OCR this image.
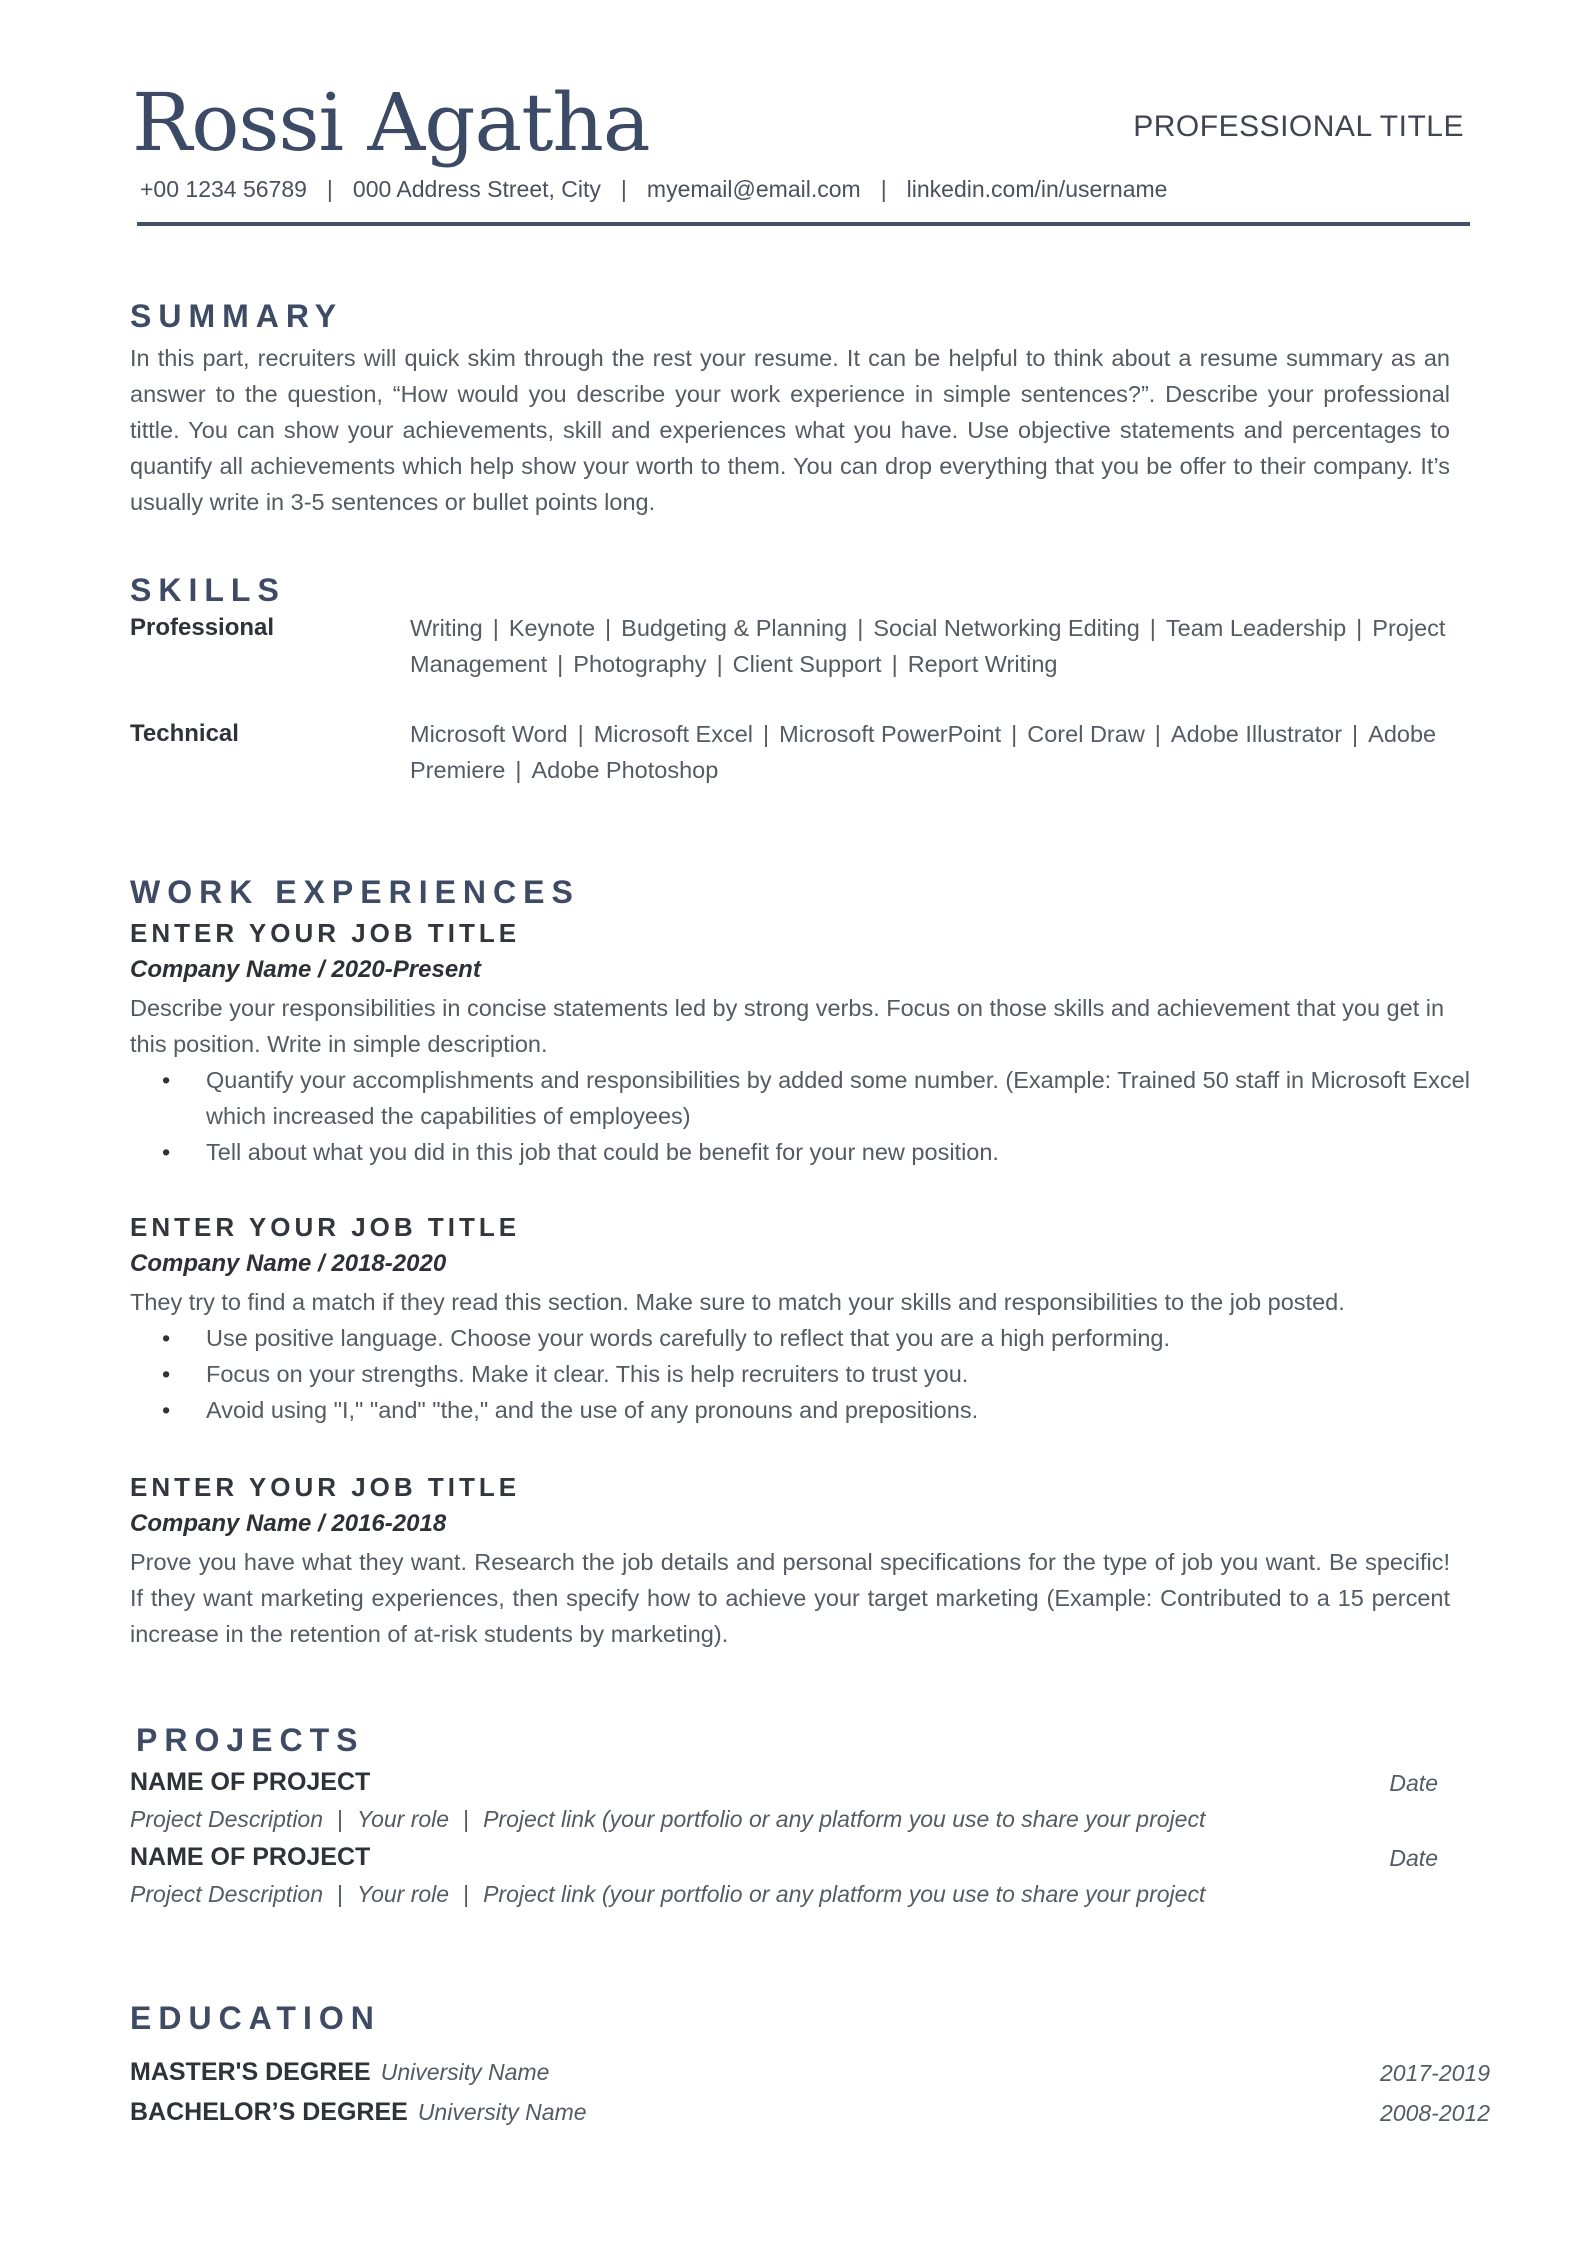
Rossi Agatha	PROFESSIONAL TITLE
+00 1234 56789 | 000 Address Street, City | myemail@email.com | linkedin.com/in/username
SUMMARY
In this part, recruiters will quick skim through the rest your resume. It can be helpful to think about a resume summary as an answer to the question, “How would you describe your work experience in simple sentences?”. Describe your professional tittle. You can show your achievements, skill and experiences what you have. Use objective statements and percentages to quantify all achievements which help show your worth to them. You can drop everything that you be offer to their company. It’s usually write in 3-5 sentences or bullet points long.
SKILLS
Professional	Writing | Keynote | Budgeting & Planning | Social Networking Editing | Team Leadership | Project Management | Photography | Client Support | Report Writing
Technical	Microsoft Word | Microsoft Excel | Microsoft PowerPoint | Corel Draw | Adobe Illustrator | Adobe Premiere | Adobe Photoshop
WORK EXPERIENCES
ENTER YOUR JOB TITLE
Company Name / 2020-Present
Describe your responsibilities in concise statements led by strong verbs. Focus on those skills and achievement that you get in this position. Write in simple description.
• Quantify your accomplishments and responsibilities by added some number. (Example: Trained 50 staff in Microsoft Excel which increased the capabilities of employees)
• Tell about what you did in this job that could be benefit for your new position.
ENTER YOUR JOB TITLE
Company Name / 2018-2020
They try to find a match if they read this section. Make sure to match your skills and responsibilities to the job posted.
• Use positive language. Choose your words carefully to reflect that you are a high performing.
• Focus on your strengths. Make it clear. This is help recruiters to trust you.
• Avoid using "I," "and" "the," and the use of any pronouns and prepositions.
ENTER YOUR JOB TITLE
Company Name / 2016-2018
Prove you have what they want. Research the job details and personal specifications for the type of job you want. Be specific! If they want marketing experiences, then specify how to achieve your target marketing (Example: Contributed to a 15 percent increase in the retention of at-risk students by marketing).
PROJECTS
NAME OF PROJECT	Date
Project Description | Your role | Project link (your portfolio or any platform you use to share your project
NAME OF PROJECT	Date
Project Description | Your role | Project link (your portfolio or any platform you use to share your project
EDUCATION
MASTER'S DEGREE University Name	2017-2019
BACHELOR’S DEGREE University Name	2008-2012
